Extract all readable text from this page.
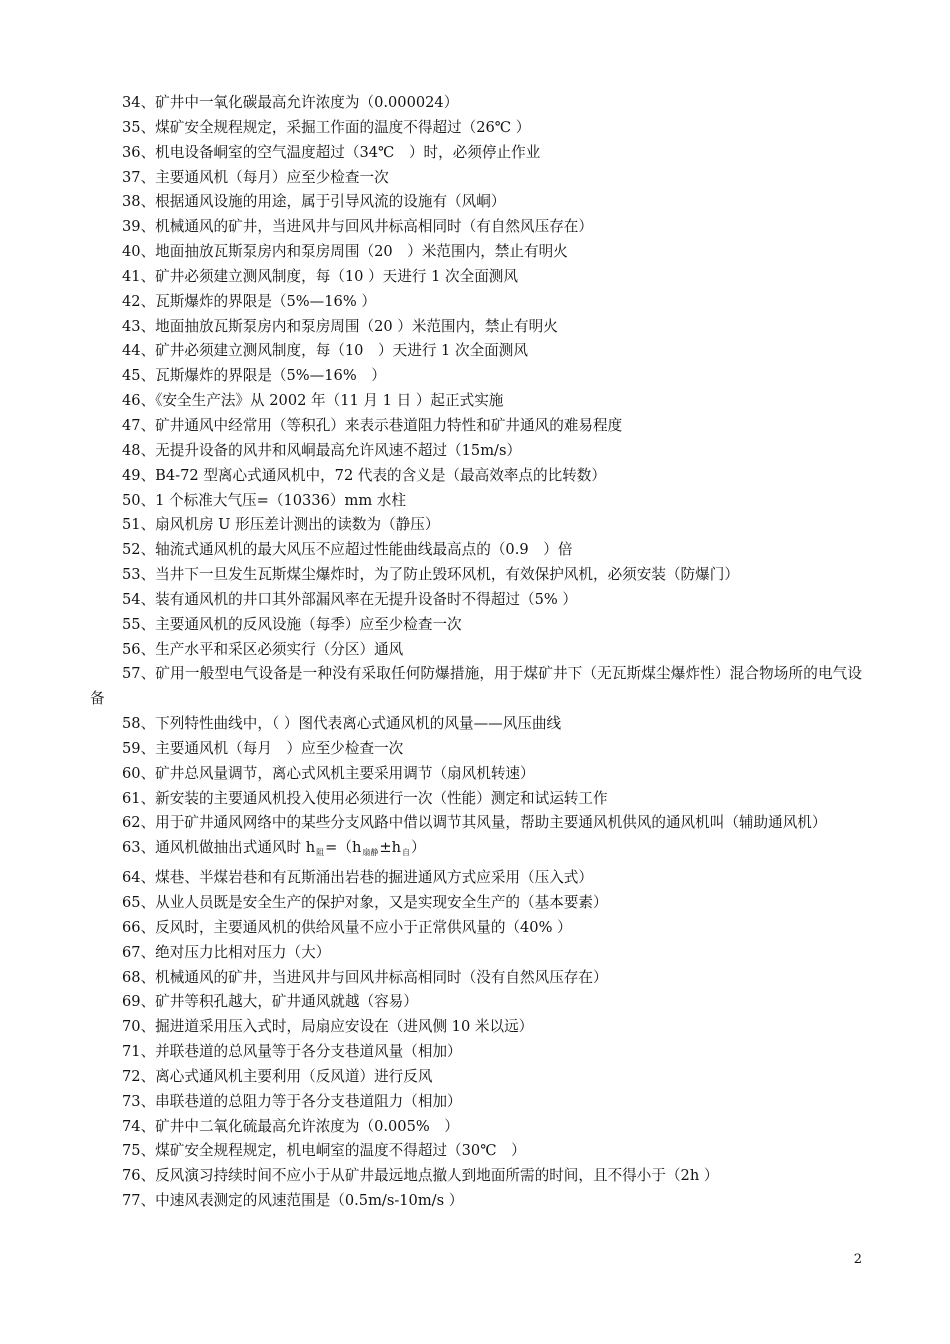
34、矿井中一氧化碳最高允许浓度为（0.000024）

35、煤矿安全规程规定，采掘工作面的温度不得超过（26℃ ）

36、机电设备峒室的空气温度超过（34℃　）时，必须停止作业

37、主要通风机（每月）应至少检查一次

38、根据通风设施的用途，属于引导风流的设施有（风峒）

39、机械通风的矿井，当进风井与回风井标高相同时（有自然风压存在）

40、地面抽放瓦斯泵房内和泵房周围（20　）米范围内，禁止有明火

41、矿井必须建立测风制度，每（10 ）天进行 1 次全面测风

42、瓦斯爆炸的界限是（5%—16% ）

43、地面抽放瓦斯泵房内和泵房周围（20 ）米范围内，禁止有明火

44、矿井必须建立测风制度，每（10　）天进行 1 次全面测风

45、瓦斯爆炸的界限是（5%—16%　）

46、《安全生产法》从 2002 年（11 月 1 日 ）起正式实施

47、矿井通风中经常用（等积孔）来表示巷道阻力特性和矿井通风的难易程度

48、无提升设备的风井和风峒最高允许风速不超过（15m/s）

49、B4-72 型离心式通风机中，72 代表的含义是（最高效率点的比转数）

50、1 个标准大气压=（10336）mm 水柱

51、扇风机房 U 形压差计测出的读数为（静压）

52、轴流式通风机的最大风压不应超过性能曲线最高点的（0.9　）倍

53、当井下一旦发生瓦斯煤尘爆炸时，为了防止毁环风机，有效保护风机，必须安装（防爆门）

54、装有通风机的井口其外部漏风率在无提升设备时不得超过（5% ）

55、主要通风机的反风设施（每季）应至少检查一次

56、生产水平和采区必须实行（分区）通风

57、矿用一般型电气设备是一种没有采取任何防爆措施，用于煤矿井下（无瓦斯煤尘爆炸性）混合物场所的电气设备

58、下列特性曲线中，（ ）图代表离心式通风机的风量——风压曲线

59、主要通风机（每月　）应至少检查一次

60、矿井总风量调节，离心式风机主要采用调节（扇风机转速）

61、新安装的主要通风机投入使用必须进行一次（性能）测定和试运转工作

62、用于矿井通风网络中的某些分支风路中借以调节其风量，帮助主要通风机供风的通风机叫（辅助通风机）

63、通风机做抽出式通风时 $h_阻=(h_{扇静}\pm h_自)$

64、煤巷、半煤岩巷和有瓦斯涌出岩巷的掘进通风方式应采用（压入式）

65、从业人员既是安全生产的保护对象，又是实现安全生产的（基本要素）

66、反风时，主要通风机的供给风量不应小于正常供风量的（40% ）

67、绝对压力比相对压力（大）

68、机械通风的矿井，当进风井与回风井标高相同时（没有自然风压存在）

69、矿井等积孔越大，矿井通风就越（容易）

70、掘进道采用压入式时，局扇应安设在（进风侧 10 米以远）

71、并联巷道的总风量等于各分支巷道风量（相加）

72、离心式通风机主要利用（反风道）进行反风

73、串联巷道的总阻力等于各分支巷道阻力（相加）

74、矿井中二氧化硫最高允许浓度为（0.005%　）

75、煤矿安全规程规定，机电峒室的温度不得超过（30℃　）

76、反风演习持续时间不应小于从矿井最远地点撤人到地面所需的时间，且不得小于（2h ）

77、中速风表测定的风速范围是（0.5m/s-10m/s ）

2
